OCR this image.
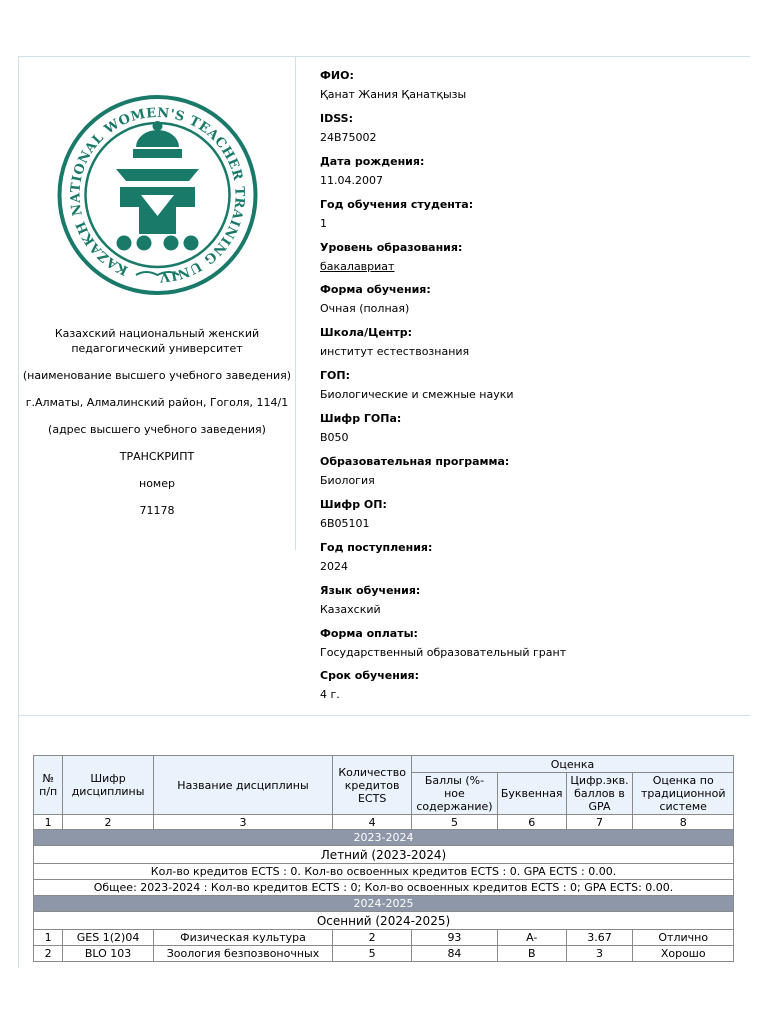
KAZAKH NATIONAL WOMEN'S TEACHER TRAINING UNIV

Казахский национальный женский педагогический университет

(наименование высшего учебного заведения)

г.Алматы, Алмалинский район, Гоголя, 114/1

(адрес высшего учебного заведения)

ТРАНСКРИПТ

номер

71178

ФИО:
Қанат Жания Қанатқызы
IDSS:
24B75002
Дата рождения:
11.04.2007
Год обучения студента:
1
Уровень образования:
бакалавриат
Форма обучения:
Очная (полная)
Школа/Центр:
институт естествознания
ГОП:
Биологические и смежные науки
Шифр ГОПа:
B050
Образовательная программа:
Биология
Шифр ОП:
6B05101
Год поступления:
2024
Язык обучения:
Казахский
Форма оплаты:
Государственный образовательный грант
Срок обучения:
4 г.
№ п/п	Шифр дисциплины	Название дисциплины	Количество кредитов ECTS	Оценка			
				Баллы (%-ное содержание)	Буквенная	Цифр.экв. баллов в GPA	Оценка по традиционной системе
1	2	3	4	5	6	7	8
2023-2024							
Летний (2023-2024)							
Кол-во кредитов ECTS : 0. Кол-во освоенных кредитов ECTS : 0. GPA ECTS : 0.00.							
Общее: 2023-2024 : Кол-во кредитов ECTS : 0; Кол-во освоенных кредитов ECTS : 0; GPA ECTS: 0.00.							
2024-2025							
Осенний (2024-2025)							
1	GES 1(2)04	Физическая культура	2	93	A-	3.67	Отлично
2	BLO 103	Зоология безпозвоночных	5	84	B	3	Хорошо
